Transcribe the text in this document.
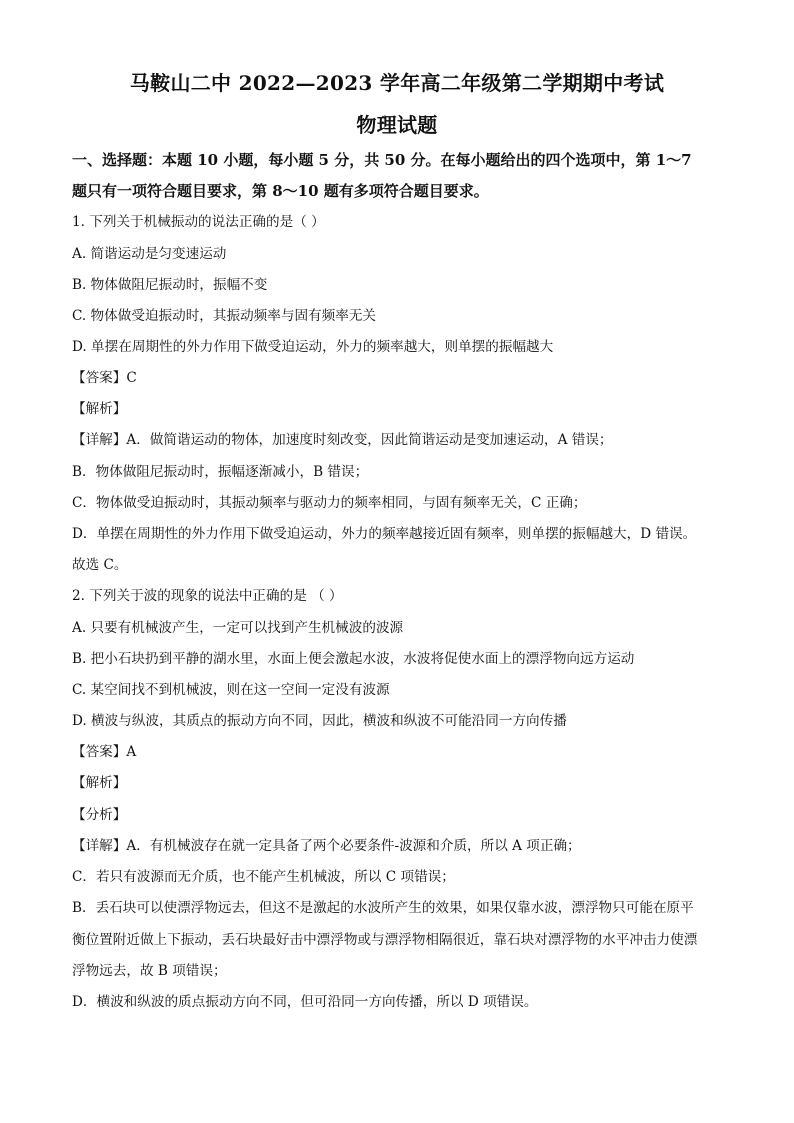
马鞍山二中 2022—2023 学年高二年级第二学期期中考试
物理试题
一、选择题：本题 10 小题，每小题 5 分，共 50 分。在每小题给出的四个选项中，第 1～7
题只有一项符合题目要求，第 8～10 题有多项符合题目要求。
1. 下列关于机械振动的说法正确的是（ ）
A. 简谐运动是匀变速运动
B. 物体做阻尼振动时，振幅不变
C. 物体做受迫振动时，其振动频率与固有频率无关
D. 单摆在周期性的外力作用下做受迫运动，外力的频率越大，则单摆的振幅越大
【答案】C
【解析】
【详解】A．做简谐运动的物体，加速度时刻改变，因此简谐运动是变加速运动，A 错误；
B．物体做阻尼振动时，振幅逐渐减小，B 错误；
C．物体做受迫振动时，其振动频率与驱动力的频率相同，与固有频率无关，C 正确；
D．单摆在周期性的外力作用下做受迫运动，外力的频率越接近固有频率，则单摆的振幅越大，D 错误。
故选 C。
2. 下列关于波的现象的说法中正确的是 （ ）
A. 只要有机械波产生，一定可以找到产生机械波的波源
B. 把小石块扔到平静的湖水里，水面上便会激起水波，水波将促使水面上的漂浮物向远方运动
C. 某空间找不到机械波，则在这一空间一定没有波源
D. 横波与纵波，其质点的振动方向不同，因此，横波和纵波不可能沿同一方向传播
【答案】A
【解析】
【分析】
【详解】A．有机械波存在就一定具备了两个必要条件-波源和介质，所以 A 项正确；
C．若只有波源而无介质，也不能产生机械波，所以 C 项错误；
B．丢石块可以使漂浮物远去，但这不是激起的水波所产生的效果，如果仅靠水波，漂浮物只可能在原平
衡位置附近做上下振动，丢石块最好击中漂浮物或与漂浮物相隔很近，靠石块对漂浮物的水平冲击力使漂
浮物远去，故 B 项错误；
D．横波和纵波的质点振动方向不同，但可沿同一方向传播，所以 D 项错误。
